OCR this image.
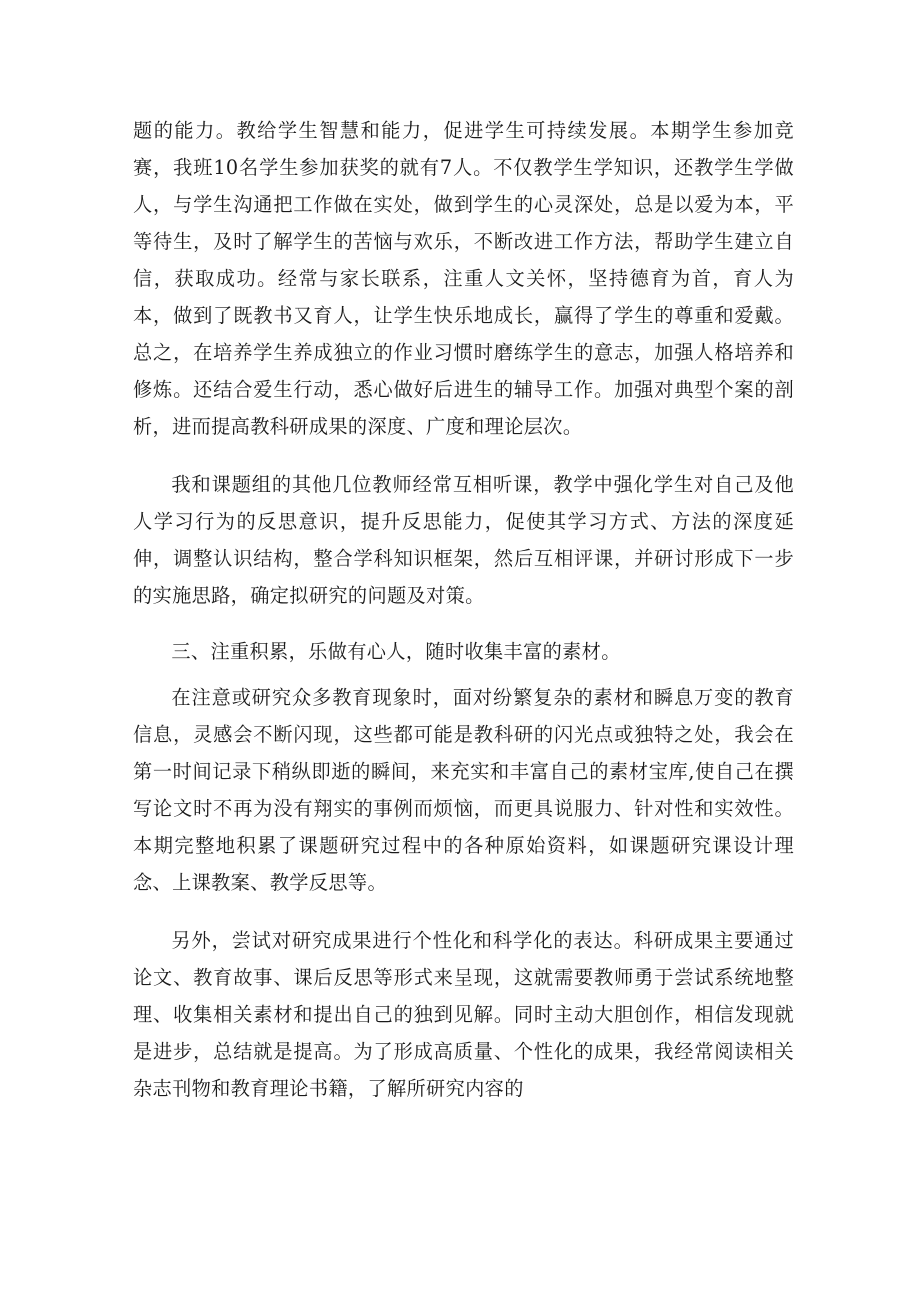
题的能力。教给学生智慧和能力，促进学生可持续发展。本期学生参加竞赛，我班10名学生参加获奖的就有7人。不仅教学生学知识，还教学生学做人，与学生沟通把工作做在实处，做到学生的心灵深处，总是以爱为本，平等待生，及时了解学生的苦恼与欢乐，不断改进工作方法，帮助学生建立自信，获取成功。经常与家长联系，注重人文关怀，坚持德育为首，育人为本，做到了既教书又育人，让学生快乐地成长，赢得了学生的尊重和爱戴。总之，在培养学生养成独立的作业习惯时磨练学生的意志，加强人格培养和修炼。还结合爱生行动，悉心做好后进生的辅导工作。加强对典型个案的剖析，进而提高教科研成果的深度、广度和理论层次。

我和课题组的其他几位教师经常互相听课，教学中强化学生对自己及他人学习行为的反思意识，提升反思能力，促使其学习方式、方法的深度延伸，调整认识结构，整合学科知识框架，然后互相评课，并研讨形成下一步的实施思路，确定拟研究的问题及对策。

三、注重积累，乐做有心人，随时收集丰富的素材。

在注意或研究众多教育现象时，面对纷繁复杂的素材和瞬息万变的教育信息，灵感会不断闪现，这些都可能是教科研的闪光点或独特之处，我会在第一时间记录下稍纵即逝的瞬间，来充实和丰富自己的素材宝库,使自己在撰写论文时不再为没有翔实的事例而烦恼，而更具说服力、针对性和实效性。本期完整地积累了课题研究过程中的各种原始资料，如课题研究课设计理念、上课教案、教学反思等。

另外，尝试对研究成果进行个性化和科学化的表达。科研成果主要通过论文、教育故事、课后反思等形式来呈现，这就需要教师勇于尝试系统地整理、收集相关素材和提出自己的独到见解。同时主动大胆创作，相信发现就是进步，总结就是提高。为了形成高质量、个性化的成果，我经常阅读相关杂志刊物和教育理论书籍，了解所研究内容的
